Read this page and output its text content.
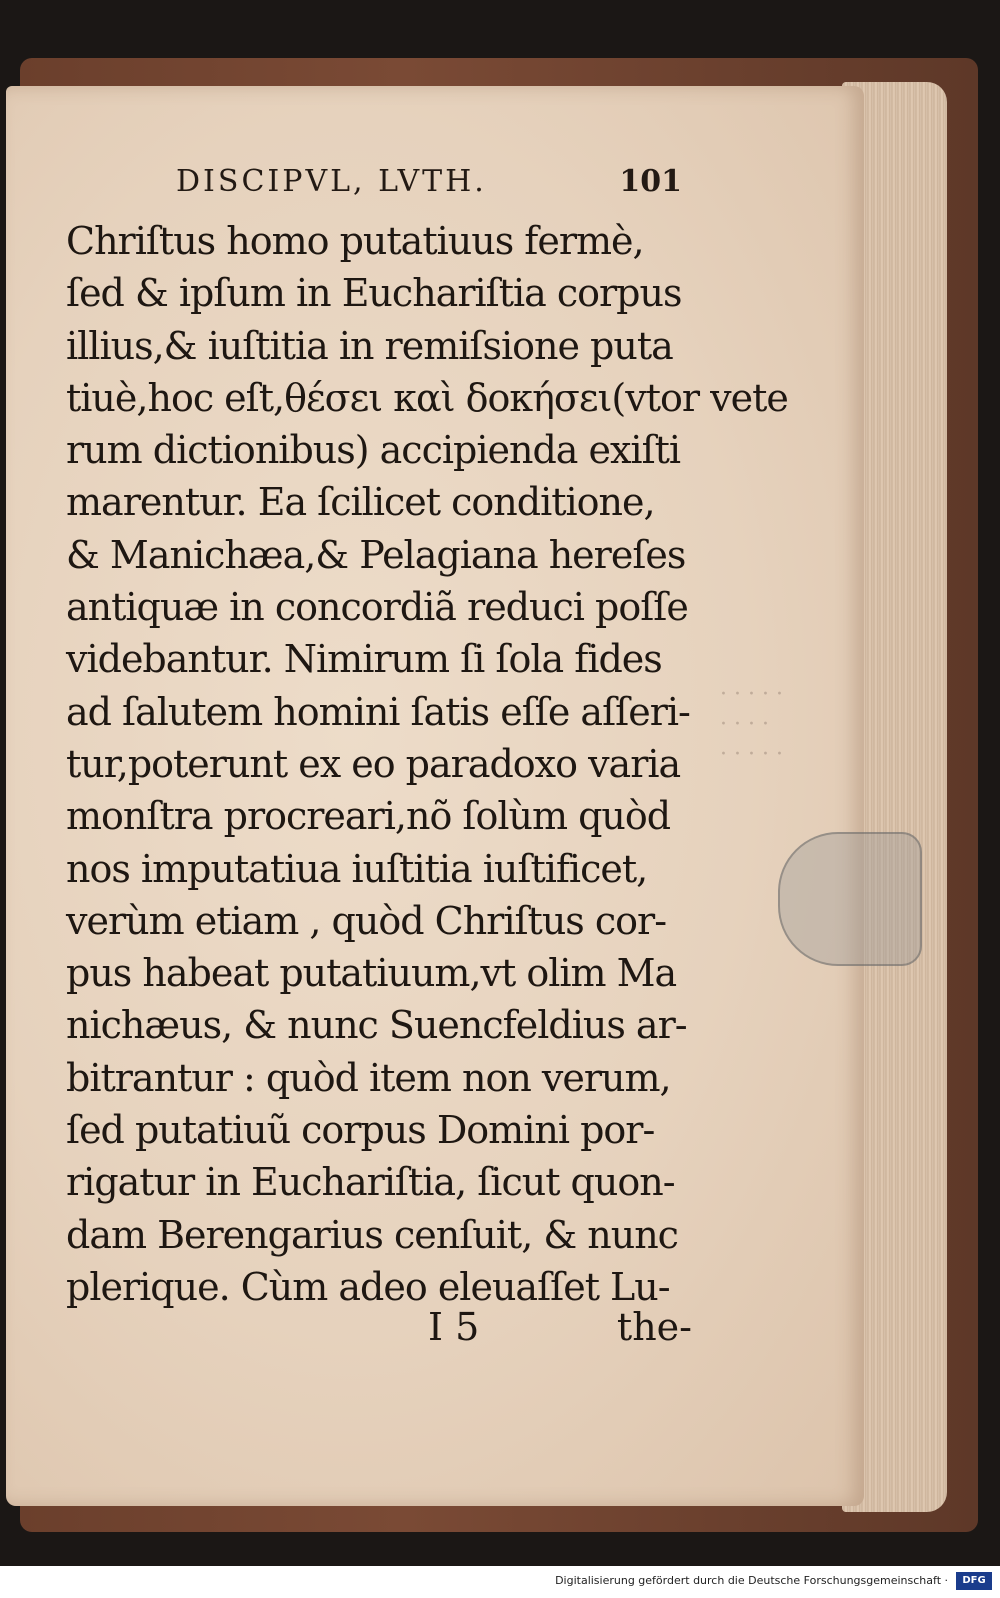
· · · · ·
· · · ·
· · · · ·
DISCIPVL, LVTH.	101
Chriſtus homo putatiuus fermè,
ſed & ipſum in Euchariſtia corpus
illius,& iuſtitia in remiſsione puta
tiuè,hoc eſt,θέσει καὶ δοκήσει(vtor vete
rum dictionibus) accipienda exiſti
marentur. Ea ſcilicet conditione,
& Manichæa,& Pelagiana hereſes
antiquæ in concordiã reduci poſſe
videbantur. Nimirum ſi ſola fides
ad ſalutem homini ſatis eſſe aſſeri-
tur,poterunt ex eo paradoxo varia
monſtra procreari,nõ ſolùm quòd
nos imputatiua iuſtitia iuſtificet,
verùm etiam , quòd Chriſtus cor-
pus habeat putatiuum,vt olim Ma
nichæus, & nunc Suencfeldius ar-
bitrantur : quòd item non verum,
ſed putatiuũ corpus Domini por-
rigatur in Euchariſtia, ſicut quon-
dam Berengarius cenſuit, & nunc
plerique. Cùm adeo eleuaſſet Lu-
I 5	the-
Digitalisierung gefördert durch die Deutsche Forschungsgemeinschaft ·	DFG
